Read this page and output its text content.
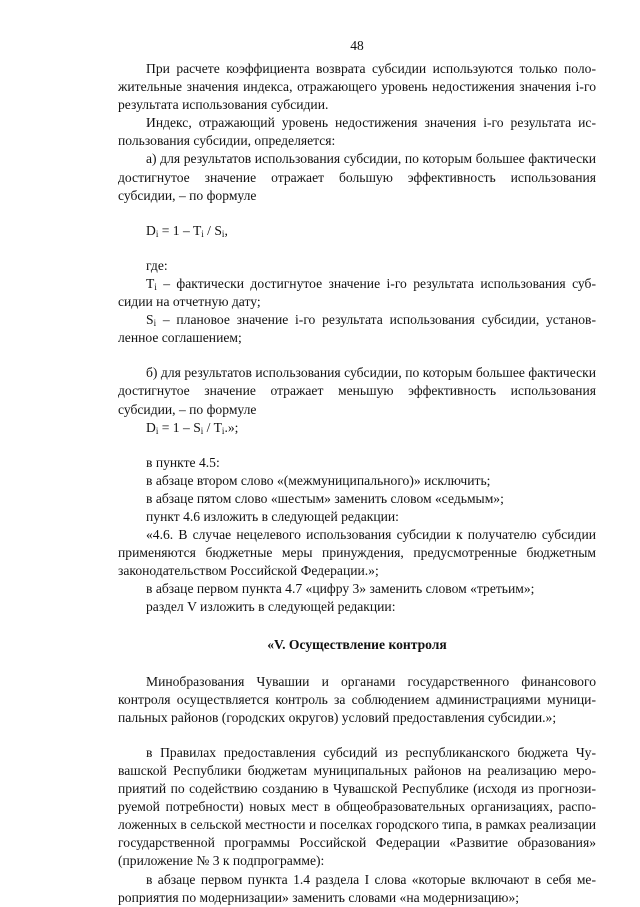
48

При расчете коэффициента возврата субсидии используются только положительные значения индекса, отражающего уровень недостижения значения i-го результата использования субсидии.

Индекс, отражающий уровень недостижения значения i-го результата использования субсидии, определяется:

а) для результатов использования субсидии, по которым большее фактически достигнутое значение отражает большую эффективность использования субсидии, – по формуле

$D_i = 1 - T_i / S_i$,

где:

$T_i$ – фактически достигнутое значение i-го результата использования субсидии на отчетную дату;

$S_i$ – плановое значение i-го результата использования субсидии, установленное соглашением;

б) для результатов использования субсидии, по которым большее фактически достигнутое значение отражает меньшую эффективность использования субсидии, – по формуле

$D_i = 1 - S_i / T_i$.»;

в пункте 4.5:

в абзаце втором слово «(межмуниципального)» исключить;

в абзаце пятом слово «шестым» заменить словом «седьмым»;

пункт 4.6 изложить в следующей редакции:

«4.6. В случае нецелевого использования субсидии к получателю субсидии применяются бюджетные меры принуждения, предусмотренные бюджетным законодательством Российской Федерации.»;

в абзаце первом пункта 4.7 «цифру 3» заменить словом «третьим»;

раздел V изложить в следующей редакции:

«V. Осуществление контроля

Минобразования Чувашии и органами государственного финансового контроля осуществляется контроль за соблюдением администрациями муниципальных районов (городских округов) условий предоставления субсидии.»;

в Правилах предоставления субсидий из республиканского бюджета Чувашской Республики бюджетам муниципальных районов на реализацию мероприятий по содействию созданию в Чувашской Республике (исходя из прогнозируемой потребности) новых мест в общеобразовательных организациях, расположенных в сельской местности и поселках городского типа, в рамках реализации государственной программы Российской Федерации «Развитие образования» (приложение № 3 к подпрограмме):

в абзаце первом пункта 1.4 раздела I слова «которые включают в себя мероприятия по модернизации» заменить словами «на модернизацию»;
